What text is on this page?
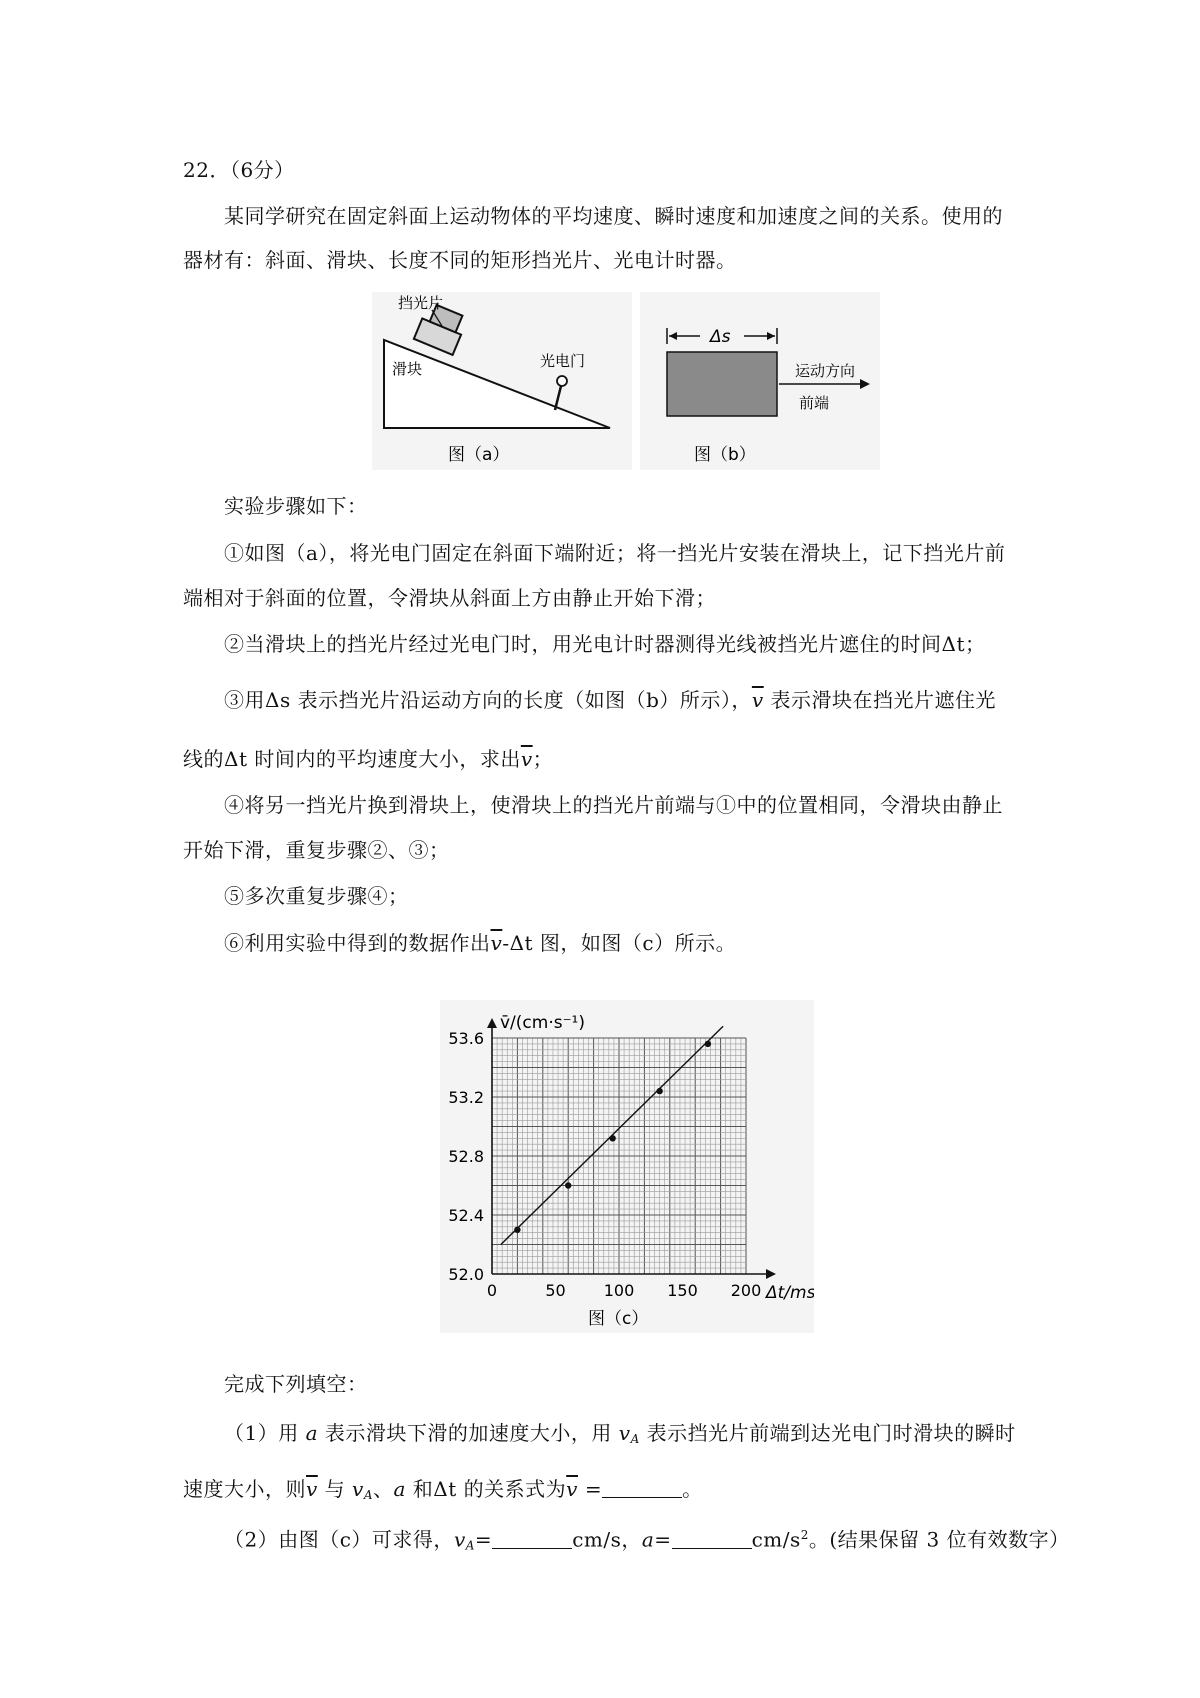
22．（6分）
某同学研究在固定斜面上运动物体的平均速度、瞬时速度和加速度之间的关系。使用的
器材有：斜面、滑块、长度不同的矩形挡光片、光电计时器。
挡光片
滑块	光电门
图（a）
Δs
运动方向
前端
图（b）
实验步骤如下：
①如图（a），将光电门固定在斜面下端附近；将一挡光片安装在滑块上，记下挡光片前
端相对于斜面的位置，令滑块从斜面上方由静止开始下滑；
②当滑块上的挡光片经过光电门时，用光电计时器测得光线被挡光片遮住的时间Δt；
③用Δs 表示挡光片沿运动方向的长度（如图（b）所示），$\overline{v}$ 表示滑块在挡光片遮住光
线的Δt 时间内的平均速度大小，求出$\overline{v}$；
④将另一挡光片换到滑块上，使滑块上的挡光片前端与①中的位置相同，令滑块由静止
开始下滑，重复步骤②、③；
⑤多次重复步骤④；
⑥利用实验中得到的数据作出$\overline{v}-\Delta t$ 图，如图（c）所示。
0	50 100 150 200
52.0
52.4
52.8
53.2
53.6
v̄/(cm·s⁻¹)
Δt/ms
图（c）
完成下列填空：
（1）用 a 表示滑块下滑的加速度大小，用 $v_A$ 表示挡光片前端到达光电门时滑块的瞬时
速度大小，则$\overline{v}$ 与 $v_A$、a 和Δt 的关系式为$\overline{v}$ =	。
（2）由图（c）可求得，$v_A=$	cm/s，a=	$cm/s^2$。(结果保留 3 位有效数字）
